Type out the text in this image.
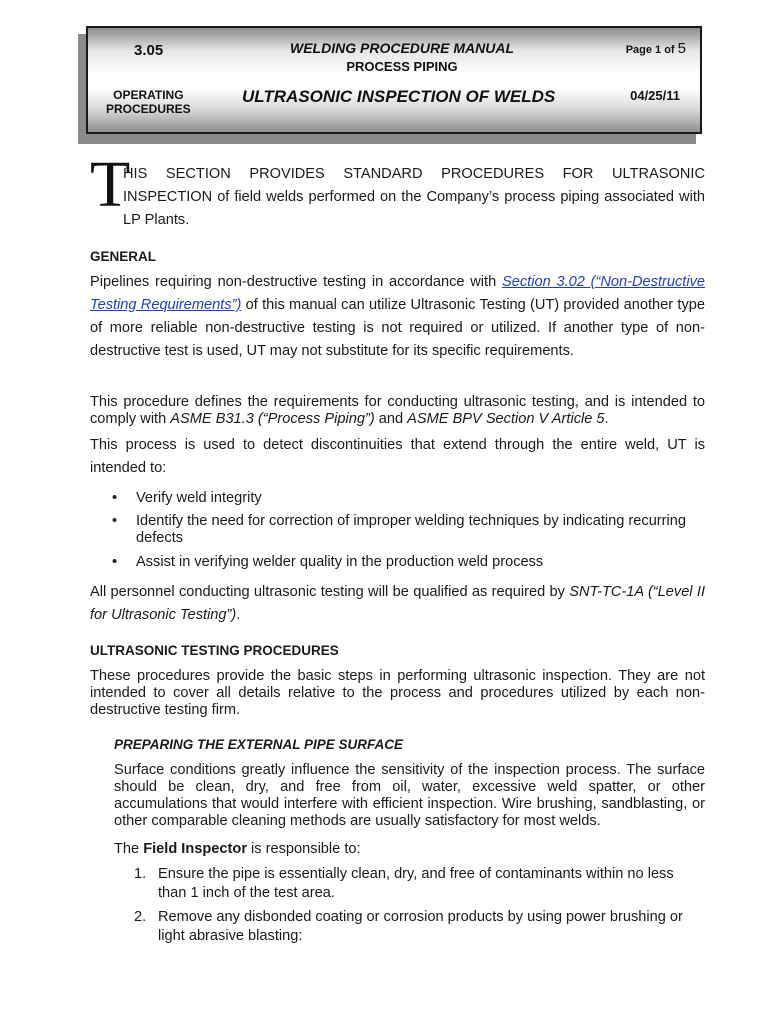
3.05	WELDING PROCEDURE MANUAL
PROCESS PIPING
Page 1 of 5
OPERATING
PROCEDURES
ULTRASONIC INSPECTION OF WELDS	04/25/11
T

HIS SECTION PROVIDES STANDARD PROCEDURES FOR ULTRASONIC INSPECTION of field welds performed on the Company’s process piping associated with LP Plants.

GENERAL

Pipelines requiring non-destructive testing in accordance with Section 3.02 (“Non-Destructive Testing Requirements”) of this manual can utilize Ultrasonic Testing (UT) provided another type of more reliable non-destructive testing is not required or utilized. If another type of non-destructive test is used, UT may not substitute for its specific requirements.

This procedure defines the requirements for conducting ultrasonic testing, and is intended to comply with ASME B31.3 (“Process Piping”) and ASME BPV Section V Article 5.

This process is used to detect discontinuities that extend through the entire weld, UT is intended to:

• Verify weld integrity
• Identify the need for correction of improper welding techniques by indicating recurring defects
• Assist in verifying welder quality in the production weld process

All personnel conducting ultrasonic testing will be qualified as required by SNT-TC-1A (“Level II for Ultrasonic Testing”).

ULTRASONIC TESTING PROCEDURES

These procedures provide the basic steps in performing ultrasonic inspection. They are not intended to cover all details relative to the process and procedures utilized by each non-destructive testing firm.

PREPARING THE EXTERNAL PIPE SURFACE

Surface conditions greatly influence the sensitivity of the inspection process. The surface should be clean, dry, and free from oil, water, excessive weld spatter, or other accumulations that would interfere with efficient inspection. Wire brushing, sandblasting, or other comparable cleaning methods are usually satisfactory for most welds.

The Field Inspector is responsible to:

1. Ensure the pipe is essentially clean, dry, and free of contaminants within no less than 1 inch of the test area.
2. Remove any disbonded coating or corrosion products by using power brushing or light abrasive blasting:
